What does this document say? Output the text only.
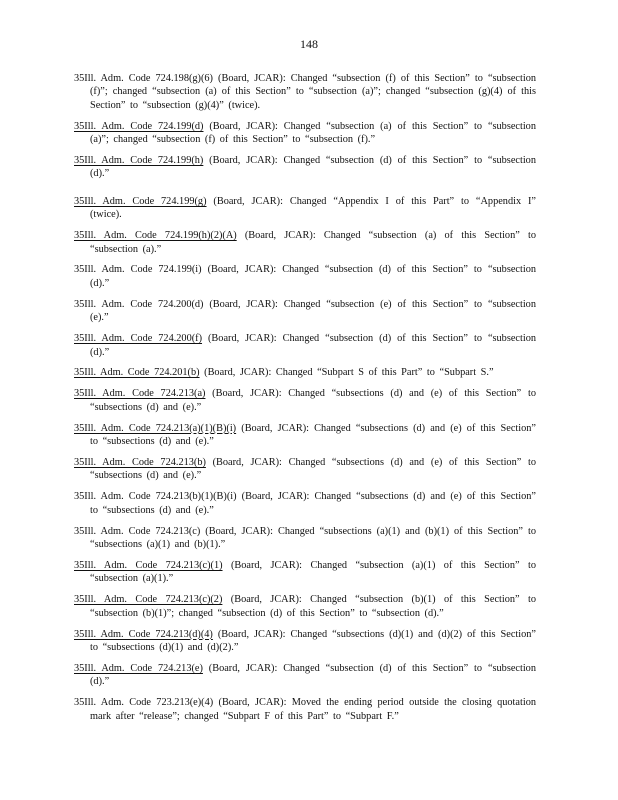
148

35Ill. Adm. Code 724.198(g)(6) (Board, JCAR): Changed “subsection (f) of this Section” to “subsection (f)”; changed “subsection (a) of this Section” to “subsection (a)”; changed “subsection (g)(4) of this Section” to “subsection (g)(4)” (twice).

35Ill. Adm. Code 724.199(d) (Board, JCAR): Changed “subsection (a) of this Section” to “subsection (a)”; changed “subsection (f) of this Section” to “subsection (f).”

35Ill. Adm. Code 724.199(h) (Board, JCAR): Changed “subsection (d) of this Section” to “subsection (d).”

35Ill. Adm. Code 724.199(g) (Board, JCAR): Changed “Appendix I of this Part” to “Appendix I” (twice).

35Ill. Adm. Code 724.199(h)(2)(A) (Board, JCAR): Changed “subsection (a) of this Section” to “subsection (a).”

35Ill. Adm. Code 724.199(i) (Board, JCAR): Changed “subsection (d) of this Section” to “subsection (d).”

35Ill. Adm. Code 724.200(d) (Board, JCAR): Changed “subsection (e) of this Section” to “subsection (e).”

35Ill. Adm. Code 724.200(f) (Board, JCAR): Changed “subsection (d) of this Section” to “subsection (d).”

35Ill. Adm. Code 724.201(b) (Board, JCAR): Changed “Subpart S of this Part” to “Subpart S.”

35Ill. Adm. Code 724.213(a) (Board, JCAR): Changed “subsections (d) and (e) of this Section” to “subsections (d) and (e).”

35Ill. Adm. Code 724.213(a)(1)(B)(i) (Board, JCAR): Changed “subsections (d) and (e) of this Section” to “subsections (d) and (e).”

35Ill. Adm. Code 724.213(b) (Board, JCAR): Changed “subsections (d) and (e) of this Section” to “subsections (d) and (e).”

35Ill. Adm. Code 724.213(b)(1)(B)(i) (Board, JCAR): Changed “subsections (d) and (e) of this Section” to “subsections (d) and (e).”

35Ill. Adm. Code 724.213(c) (Board, JCAR): Changed “subsections (a)(1) and (b)(1) of this Section” to “subsections (a)(1) and (b)(1).”

35Ill. Adm. Code 724.213(c)(1) (Board, JCAR): Changed “subsection (a)(1) of this Section” to “subsection (a)(1).”

35Ill. Adm. Code 724.213(c)(2) (Board, JCAR): Changed “subsection (b)(1) of this Section” to “subsection (b)(1)”; changed “subsection (d) of this Section” to “subsection (d).”

35Ill. Adm. Code 724.213(d)(4) (Board, JCAR): Changed “subsections (d)(1) and (d)(2) of this Section” to “subsections (d)(1) and (d)(2).”

35Ill. Adm. Code 724.213(e) (Board, JCAR): Changed “subsection (d) of this Section” to “subsection (d).”

35Ill. Adm. Code 723.213(e)(4) (Board, JCAR): Moved the ending period outside the closing quotation mark after “release”; changed “Subpart F of this Part” to “Subpart F.”
